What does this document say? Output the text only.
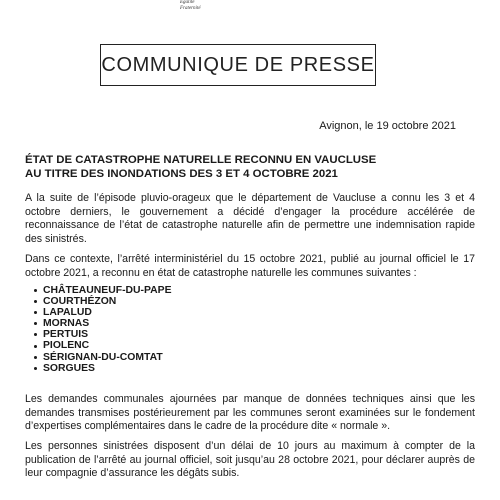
Égalité
Fraternité
COMMUNIQUE DE PRESSE
Avignon, le 19 octobre 2021
ÉTAT DE CATASTROPHE NATURELLE RECONNU EN VAUCLUSE
AU TITRE DES INONDATIONS DES 3 ET 4 OCTOBRE 2021

A la suite de l’épisode pluvio-orageux que le département de Vaucluse a connu les 3 et 4 octobre derniers, le gouvernement a décidé d’engager la procédure accélérée de reconnaissance de l’état de catastrophe naturelle afin de permettre une indemnisation rapide des sinistrés.

Dans ce contexte, l’arrêté interministériel du 15 octobre 2021, publié au journal officiel le 17 octobre 2021, a reconnu en état de catastrophe naturelle les communes suivantes :

CHÂTEAUNEUF-DU-PAPE
COURTHÉZON
LAPALUD
MORNAS
PERTUIS
PIOLENC
SÉRIGNAN-DU-COMTAT
SORGUES

Les demandes communales ajournées par manque de données techniques ainsi que les demandes transmises postérieurement par les communes seront examinées sur le fondement d’expertises complémentaires dans le cadre de la procédure dite « normale ».

Les personnes sinistrées disposent d’un délai de 10 jours au maximum à compter de la publication de l’arrêté au journal officiel, soit jusqu’au 28 octobre 2021, pour déclarer auprès de leur compagnie d’assurance les dégâts subis.
